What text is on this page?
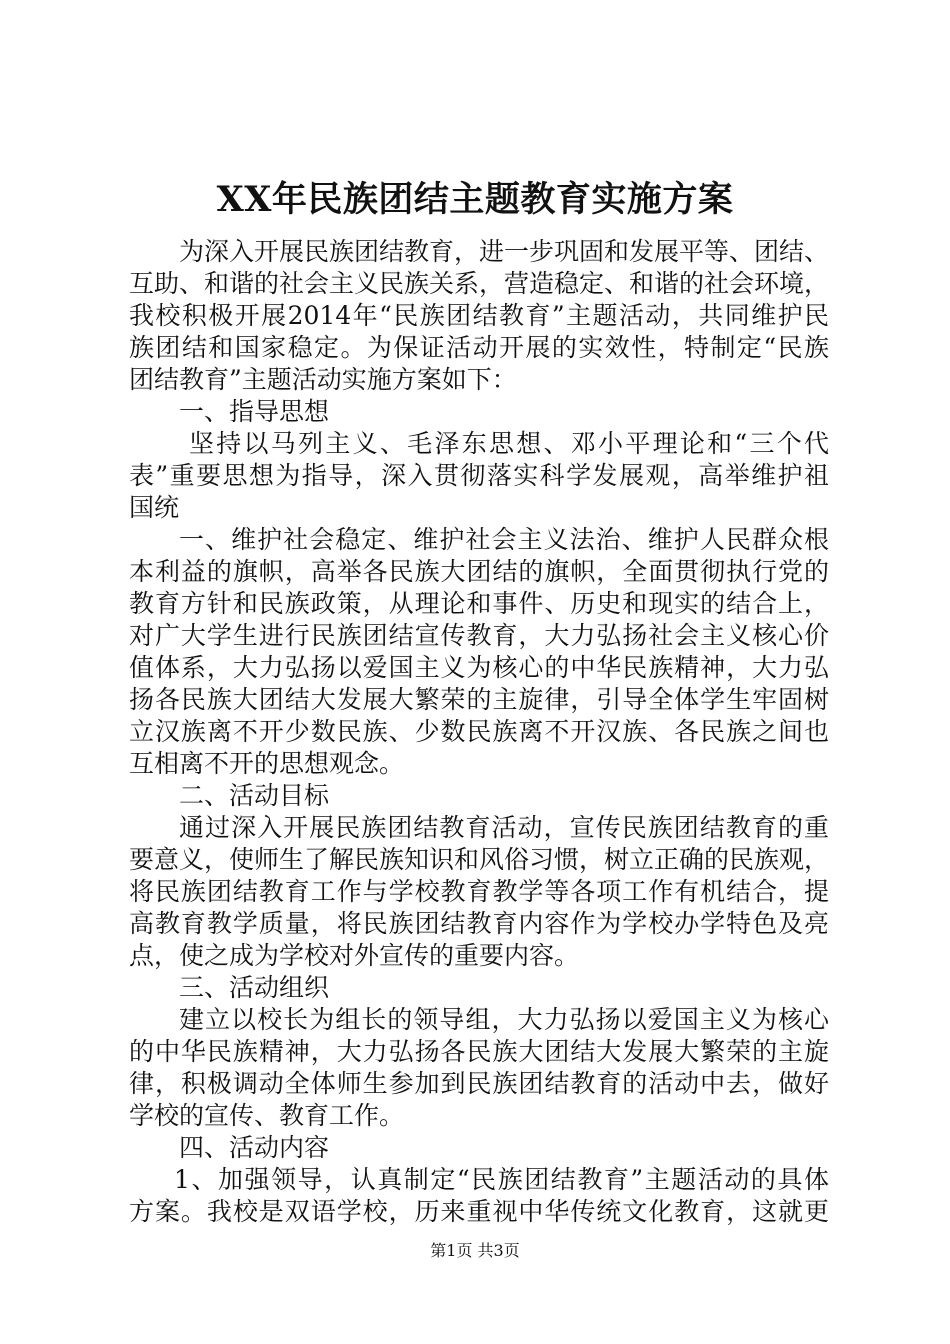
XX年民族团结主题教育实施方案
为深入开展民族团结教育，进一步巩固和发展平等、团结、
互助、和谐的社会主义民族关系，营造稳定、和谐的社会环境，
我校积极开展2014年“民族团结教育”主题活动，共同维护民
族团结和国家稳定。为保证活动开展的实效性，特制定“民族
团结教育”主题活动实施方案如下：
一、指导思想
坚持以马列主义、毛泽东思想、邓小平理论和“三个代
表”重要思想为指导，深入贯彻落实科学发展观，高举维护祖
国统
一、维护社会稳定、维护社会主义法治、维护人民群众根
本利益的旗帜，高举各民族大团结的旗帜，全面贯彻执行党的
教育方针和民族政策，从理论和事件、历史和现实的结合上，
对广大学生进行民族团结宣传教育，大力弘扬社会主义核心价
值体系，大力弘扬以爱国主义为核心的中华民族精神，大力弘
扬各民族大团结大发展大繁荣的主旋律，引导全体学生牢固树
立汉族离不开少数民族、少数民族离不开汉族、各民族之间也
互相离不开的思想观念。
二、活动目标
通过深入开展民族团结教育活动，宣传民族团结教育的重
要意义，使师生了解民族知识和风俗习惯，树立正确的民族观，
将民族团结教育工作与学校教育教学等各项工作有机结合，提
高教育教学质量，将民族团结教育内容作为学校办学特色及亮
点，使之成为学校对外宣传的重要内容。
三、活动组织
建立以校长为组长的领导组，大力弘扬以爱国主义为核心
的中华民族精神，大力弘扬各民族大团结大发展大繁荣的主旋
律，积极调动全体师生参加到民族团结教育的活动中去，做好
学校的宣传、教育工作。
四、活动内容
1、加强领导，认真制定“民族团结教育”主题活动的具体
方案。我校是双语学校，历来重视中华传统文化教育，这就更
第1页 共3页
